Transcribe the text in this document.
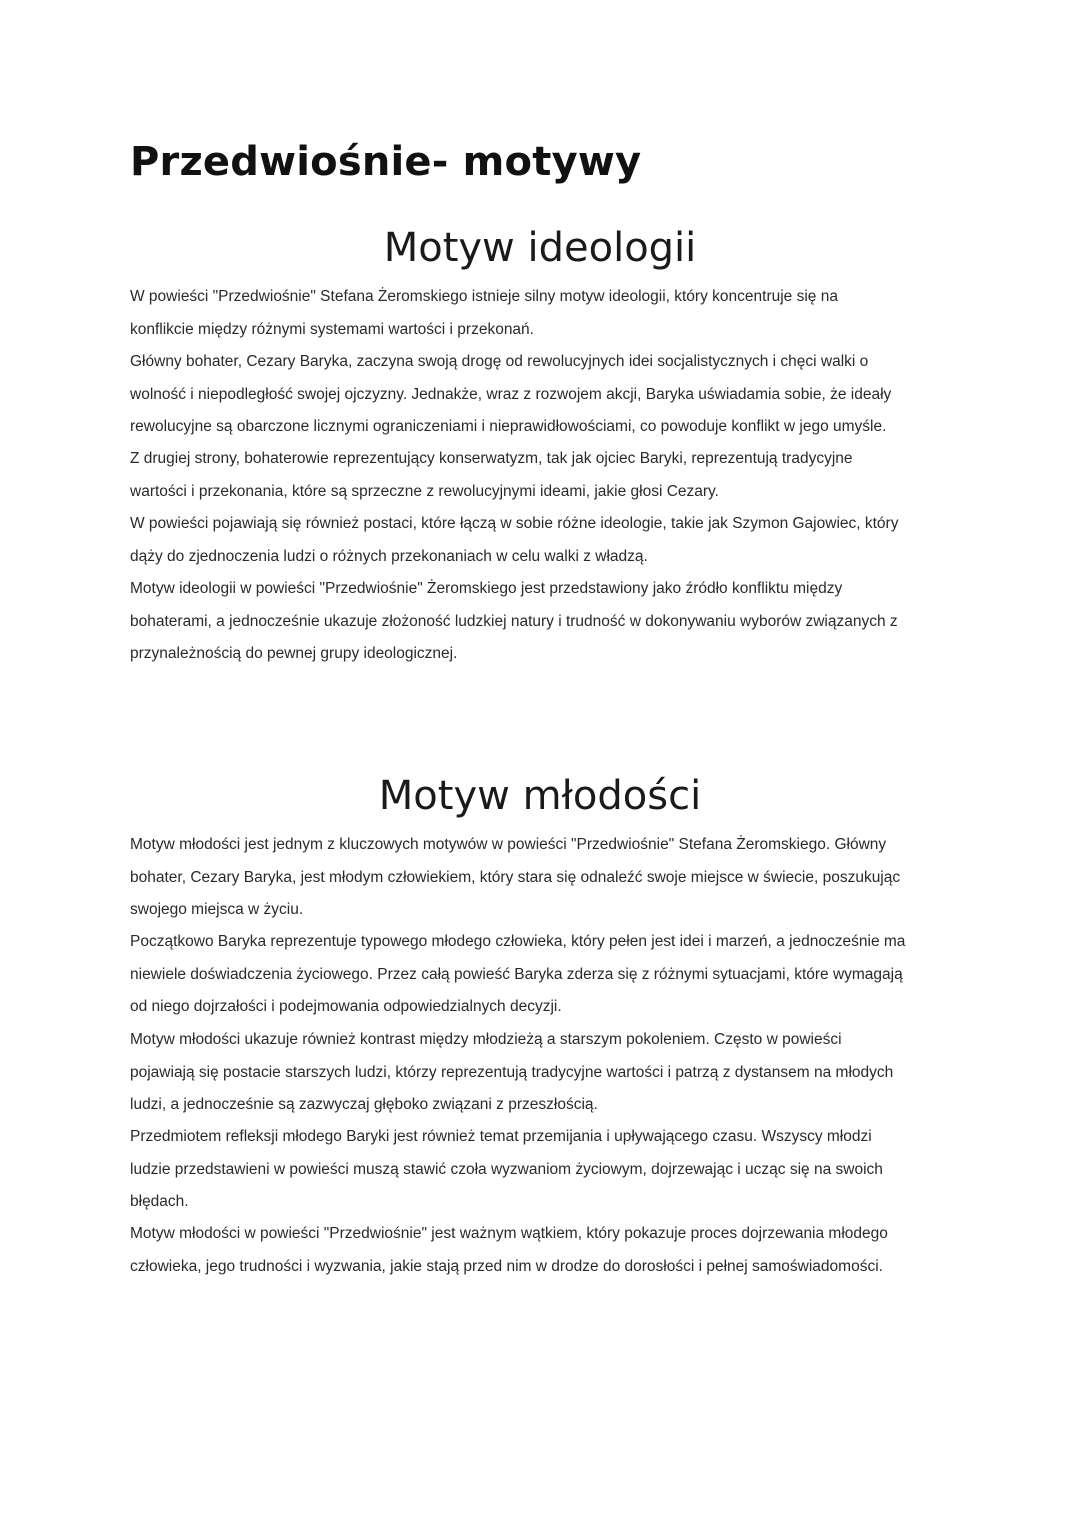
Przedwiośnie- motywy
Motyw ideologii

W powieści "Przedwiośnie" Stefana Żeromskiego istnieje silny motyw ideologii, który koncentruje się na
konflikcie między różnymi systemami wartości i przekonań.

Główny bohater, Cezary Baryka, zaczyna swoją drogę od rewolucyjnych idei socjalistycznych i chęci walki o
wolność i niepodległość swojej ojczyzny. Jednakże, wraz z rozwojem akcji, Baryka uświadamia sobie, że ideały
rewolucyjne są obarczone licznymi ograniczeniami i nieprawidłowościami, co powoduje konflikt w jego umyśle.

Z drugiej strony, bohaterowie reprezentujący konserwatyzm, tak jak ojciec Baryki, reprezentują tradycyjne
wartości i przekonania, które są sprzeczne z rewolucyjnymi ideami, jakie głosi Cezary.

W powieści pojawiają się również postaci, które łączą w sobie różne ideologie, takie jak Szymon Gajowiec, który
dąży do zjednoczenia ludzi o różnych przekonaniach w celu walki z władzą.

Motyw ideologii w powieści "Przedwiośnie" Żeromskiego jest przedstawiony jako źródło konfliktu między
bohaterami, a jednocześnie ukazuje złożoność ludzkiej natury i trudność w dokonywaniu wyborów związanych z
przynależnością do pewnej grupy ideologicznej.

Motyw młodości

Motyw młodości jest jednym z kluczowych motywów w powieści "Przedwiośnie" Stefana Żeromskiego. Główny
bohater, Cezary Baryka, jest młodym człowiekiem, który stara się odnaleźć swoje miejsce w świecie, poszukując
swojego miejsca w życiu.

Początkowo Baryka reprezentuje typowego młodego człowieka, który pełen jest idei i marzeń, a jednocześnie ma
niewiele doświadczenia życiowego. Przez całą powieść Baryka zderza się z różnymi sytuacjami, które wymagają
od niego dojrzałości i podejmowania odpowiedzialnych decyzji.

Motyw młodości ukazuje również kontrast między młodzieżą a starszym pokoleniem. Często w powieści
pojawiają się postacie starszych ludzi, którzy reprezentują tradycyjne wartości i patrzą z dystansem na młodych
ludzi, a jednocześnie są zazwyczaj głęboko związani z przeszłością.

Przedmiotem refleksji młodego Baryki jest również temat przemijania i upływającego czasu. Wszyscy młodzi
ludzie przedstawieni w powieści muszą stawić czoła wyzwaniom życiowym, dojrzewając i ucząc się na swoich
błędach.

Motyw młodości w powieści "Przedwiośnie" jest ważnym wątkiem, który pokazuje proces dojrzewania młodego
człowieka, jego trudności i wyzwania, jakie stają przed nim w drodze do dorosłości i pełnej samoświadomości.
